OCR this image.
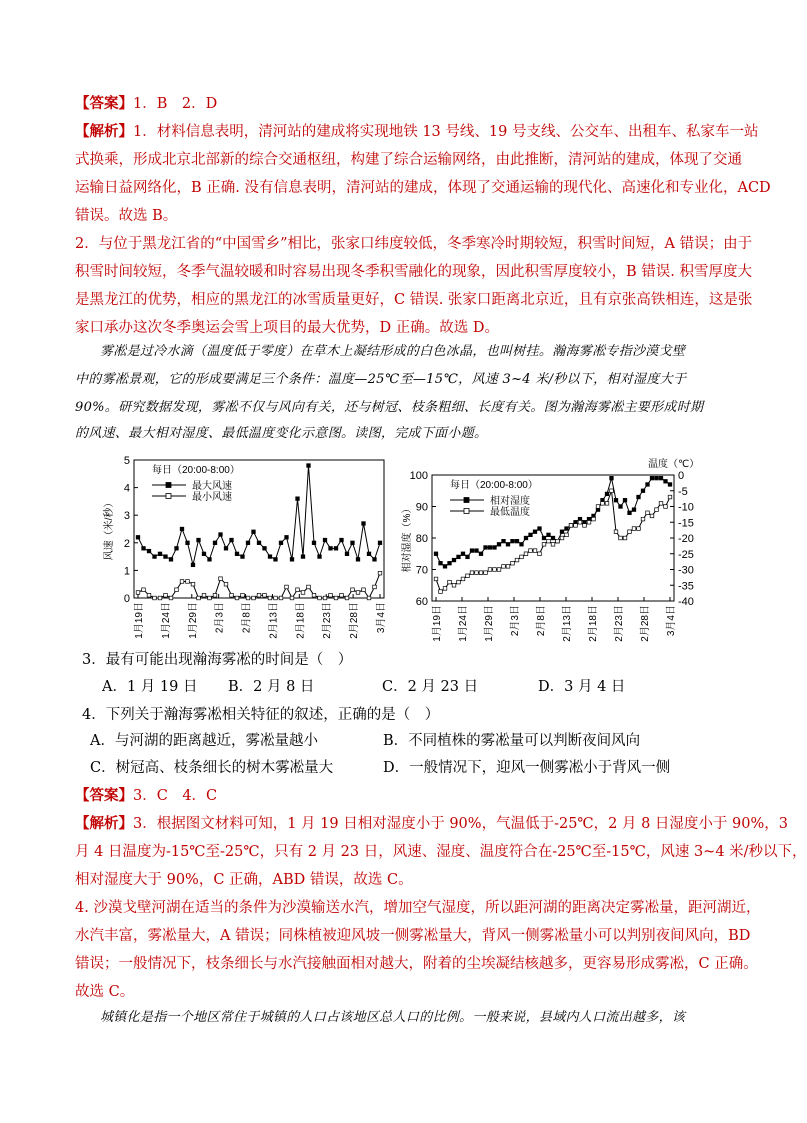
【答案】1．B　2．D
【解析】1．材料信息表明，清河站的建成将实现地铁 13 号线、19 号支线、公交车、出租车、私家车一站
式换乘，形成北京北部新的综合交通枢纽，构建了综合运输网络，由此推断，清河站的建成，体现了交通
运输日益网络化，B 正确. 没有信息表明，清河站的建成，体现了交通运输的现代化、高速化和专业化，ACD
错误。故选 B。
2．与位于黑龙江省的“中国雪乡”相比，张家口纬度较低，冬季寒冷时期较短，积雪时间短，A 错误；由于
积雪时间较短，冬季气温较暖和时容易出现冬季积雪融化的现象，因此积雪厚度较小，B 错误. 积雪厚度大
是黑龙江的优势，相应的黑龙江的冰雪质量更好，C 错误. 张家口距离北京近，且有京张高铁相连，这是张
家口承办这次冬季奥运会雪上项目的最大优势，D 正确。故选 D。
雾凇是过冷水滴（温度低于零度）在草木上凝结形成的白色冰晶，也叫树挂。瀚海雾凇专指沙漠戈壁
中的雾凇景观，它的形成要满足三个条件：温度—25℃至—15℃，风速 3~4 米/秒以下，相对湿度大于
90%。研究数据发现，雾凇不仅与风向有关，还与树冠、枝条粗细、长度有关。图为瀚海雾凇主要形成时期
的风速、最大相对湿度、最低温度变化示意图。读图，完成下面小题。
0
1
2
3
4
5
风速（米/秒）
1月19日 1月24日 1月29日 2月3日 2月8日 2月13日 2月18日 2月23日 2月28日 3月4日
每日（20:00-8:00）
最大风速
最小风速
60
70
80
90
100
相对湿度（%）
0
-5
-10
-15
-20
-25
-30
-35
-40
温度（℃）
1月19日 1月24日 1月29日 2月3日 2月8日 2月13日 2月18日 2月23日 2月28日 3月4日
每日（20:00-8:00）
相对湿度
最低温度
3．最有可能出现瀚海雾凇的时间是（　）
A．1 月 19 日 B．2 月 8 日	C．2 月 23 日	D．3 月 4 日
4．下列关于瀚海雾凇相关特征的叙述，正确的是（　）
A．与河湖的距离越近，雾凇量越小	B．不同植株的雾凇量可以判断夜间风向
C．树冠高、枝条细长的树木雾凇量大	D．一般情况下，迎风一侧雾凇小于背风一侧
【答案】3．C　4．C
【解析】3．根据图文材料可知，1 月 19 日相对湿度小于 90%，气温低于-25℃，2 月 8 日湿度小于 90%，3
月 4 日温度为-15℃至-25℃，只有 2 月 23 日，风速、湿度、温度符合在-25℃至-15℃，风速 3~4 米/秒以下，
相对湿度大于 90%，C 正确，ABD 错误，故选 C。
4. 沙漠戈壁河湖在适当的条件为沙漠输送水汽，增加空气湿度，所以距河湖的距离决定雾凇量，距河湖近，
水汽丰富，雾凇量大，A 错误；同株植被迎风坡一侧雾凇量大，背风一侧雾凇量小可以判别夜间风向，BD
错误；一般情况下，枝条细长与水汽接触面相对越大，附着的尘埃凝结核越多，更容易形成雾凇，C 正确。
故选 C。
城镇化是指一个地区常住于城镇的人口占该地区总人口的比例。一般来说，县域内人口流出越多，该
